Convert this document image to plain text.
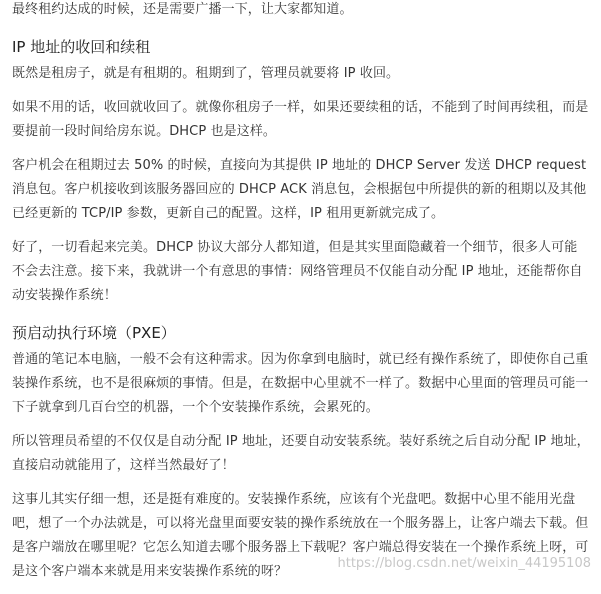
最终租约达成的时候，还是需要广播一下，让大家都知道。

IP 地址的收回和续租

既然是租房子，就是有租期的。租期到了，管理员就要将 IP 收回。

如果不用的话，收回就收回了。就像你租房子一样，如果还要续租的话，不能到了时间再续租，而是要提前一段时间给房东说。DHCP 也是这样。

客户机会在租期过去 50% 的时候，直接向为其提供 IP 地址的 DHCP Server 发送 DHCP request 消息包。客户机接收到该服务器回应的 DHCP ACK 消息包，会根据包中所提供的新的租期以及其他已经更新的 TCP/IP 参数，更新自己的配置。这样，IP 租用更新就完成了。

好了，一切看起来完美。DHCP 协议大部分人都知道，但是其实里面隐藏着一个细节，很多人可能不会去注意。接下来，我就讲一个有意思的事情：网络管理员不仅能自动分配 IP 地址，还能帮你自动安装操作系统！

预启动执行环境（PXE）

普通的笔记本电脑，一般不会有这种需求。因为你拿到电脑时，就已经有操作系统了，即使你自己重装操作系统，也不是很麻烦的事情。但是，在数据中心里就不一样了。数据中心里面的管理员可能一下子就拿到几百台空的机器，一个个安装操作系统，会累死的。

所以管理员希望的不仅仅是自动分配 IP 地址，还要自动安装系统。装好系统之后自动分配 IP 地址，直接启动就能用了，这样当然最好了！

这事儿其实仔细一想，还是挺有难度的。安装操作系统，应该有个光盘吧。数据中心里不能用光盘吧，想了一个办法就是，可以将光盘里面要安装的操作系统放在一个服务器上，让客户端去下载。但是客户端放在哪里呢？它怎么知道去哪个服务器上下载呢？客户端总得安装在一个操作系统上呀，可是这个客户端本来就是用来安装操作系统的呀？

https://blog.csdn.net/weixin_44195108
